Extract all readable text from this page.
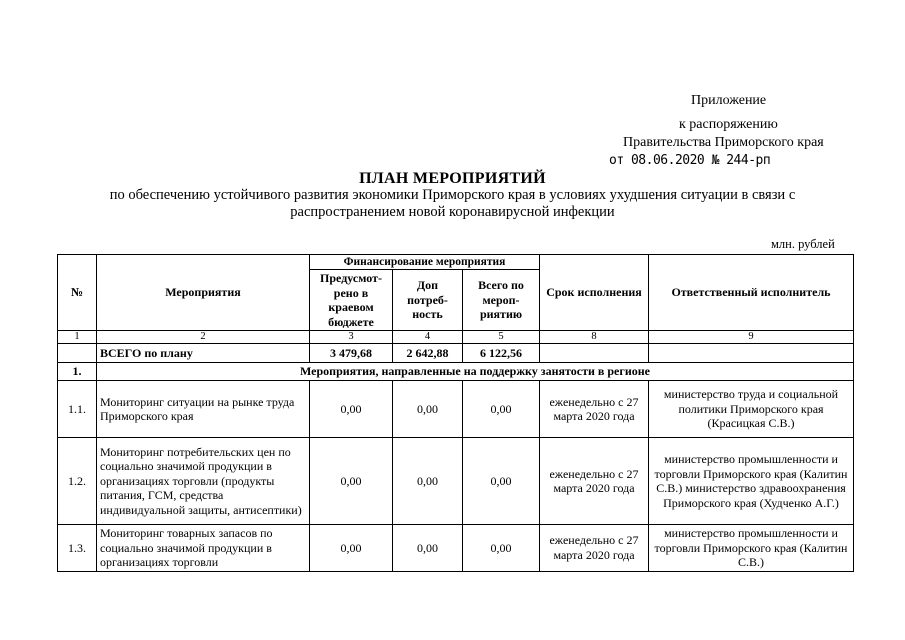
Приложение
к распоряжению
Правительства Приморского края
от 08.06.2020 № 244-рп
ПЛАН МЕРОПРИЯТИЙ
по обеспечению устойчивого развития экономики Приморского края в условиях ухудшения ситуации в связи с распространением новой коронавирусной инфекции
млн. рублей
№	Мероприятия	Финансирование мероприятия			Срок исполнения	Ответственный исполнитель
		Предусмот-рено в краевом бюджете	Доп потреб-ность	Всего по мероп-риятию		
1	2	3	4	5	8	9
	ВСЕГО по плану	3 479,68	2 642,88	6 122,56		
1.	Мероприятия, направленные на поддержку занятости в регионе					
1.1.	Мониторинг ситуации на рынке труда Приморского края	0,00	0,00	0,00	еженедельно с 27 марта 2020 года	министерство труда и социальной политики Приморского края (Красицкая С.В.)
1.2.	Мониторинг потребительских цен по социально значимой продукции в организациях торговли (продукты питания, ГСМ, средства индивидуальной защиты, антисептики)	0,00	0,00	0,00	еженедельно с 27 марта 2020 года	министерство промышленности и торговли Приморского края (Калитин С.В.) министерство здравоохранения Приморского края (Худченко А.Г.)
1.3.	Мониторинг товарных запасов по социально значимой продукции в организациях торговли	0,00	0,00	0,00	еженедельно с 27 марта 2020 года	министерство промышленности и торговли Приморского края (Калитин С.В.)
